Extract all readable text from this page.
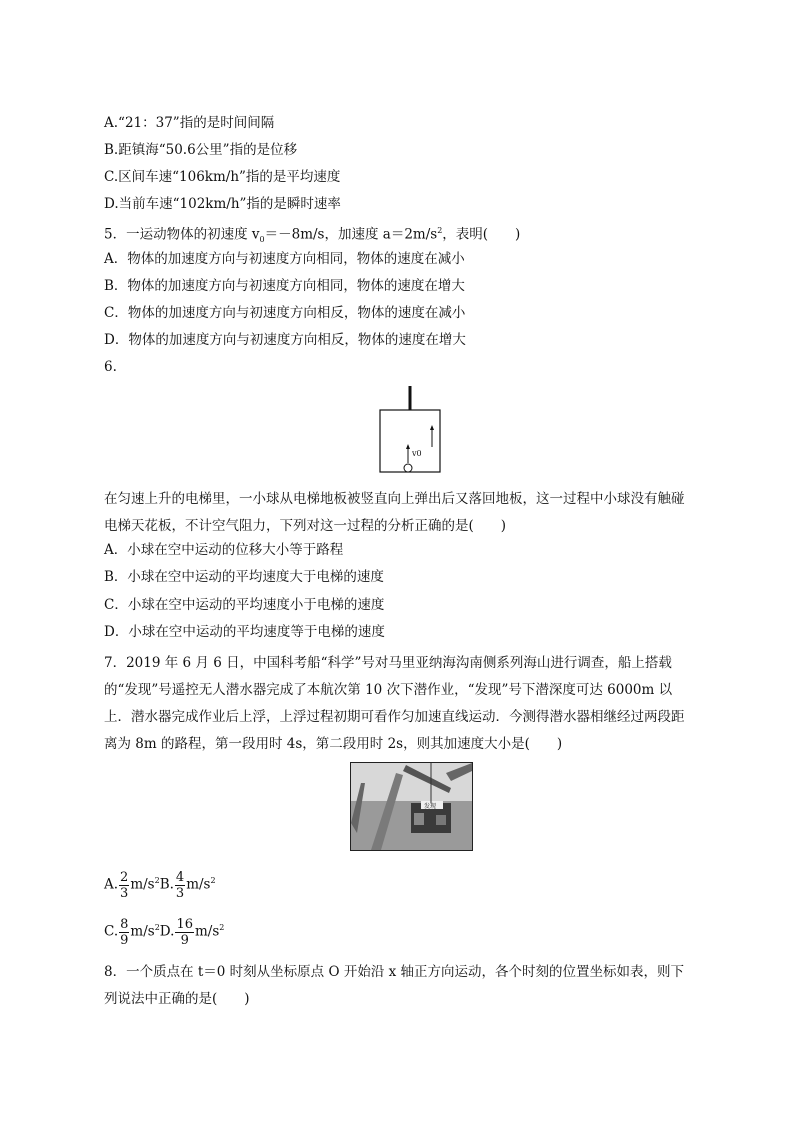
A.“21：37”指的是时间间隔
B.距镇海“50.6公里”指的是位移
C.区间车速“106km/h”指的是平均速度
D.当前车速“102km/h”指的是瞬时速率
5．一运动物体的初速度 $v_0=-8m/s$，加速度 $a=2m/s^2$，表明(　　)
A．物体的加速度方向与初速度方向相同，物体的速度在减小
B．物体的加速度方向与初速度方向相同，物体的速度在增大
C．物体的加速度方向与初速度方向相反，物体的速度在减小
D．物体的加速度方向与初速度方向相反，物体的速度在增大
6.
v0
在匀速上升的电梯里，一小球从电梯地板被竖直向上弹出后又落回地板，这一过程中小球没有触碰电梯天花板，不计空气阻力，下列对这一过程的分析正确的是(　　)
A．小球在空中运动的位移大小等于路程
B．小球在空中运动的平均速度大于电梯的速度
C．小球在空中运动的平均速度小于电梯的速度
D．小球在空中运动的平均速度等于电梯的速度
7．2019 年 6 月 6 日，中国科考船“科学”号对马里亚纳海沟南侧系列海山进行调查，船上搭载的“发现”号遥控无人潜水器完成了本航次第 10 次下潜作业，“发现”号下潜深度可达 6000m 以上．潜水器完成作业后上浮，上浮过程初期可看作匀加速直线运动．今测得潜水器相继经过两段距离为 8m 的路程，第一段用时 4s，第二段用时 2s，则其加速度大小是(　　)
发现
A. $\frac{2}{3} m/s^2B$. $\frac{4}{3} m/s^2$
C. $\frac{8}{9} m/s^2D$. $\frac{16}{9} m/s^2$
8．一个质点在 t＝0 时刻从坐标原点 O 开始沿 x 轴正方向运动，各个时刻的位置坐标如表，则下列说法中正确的是(　　)
